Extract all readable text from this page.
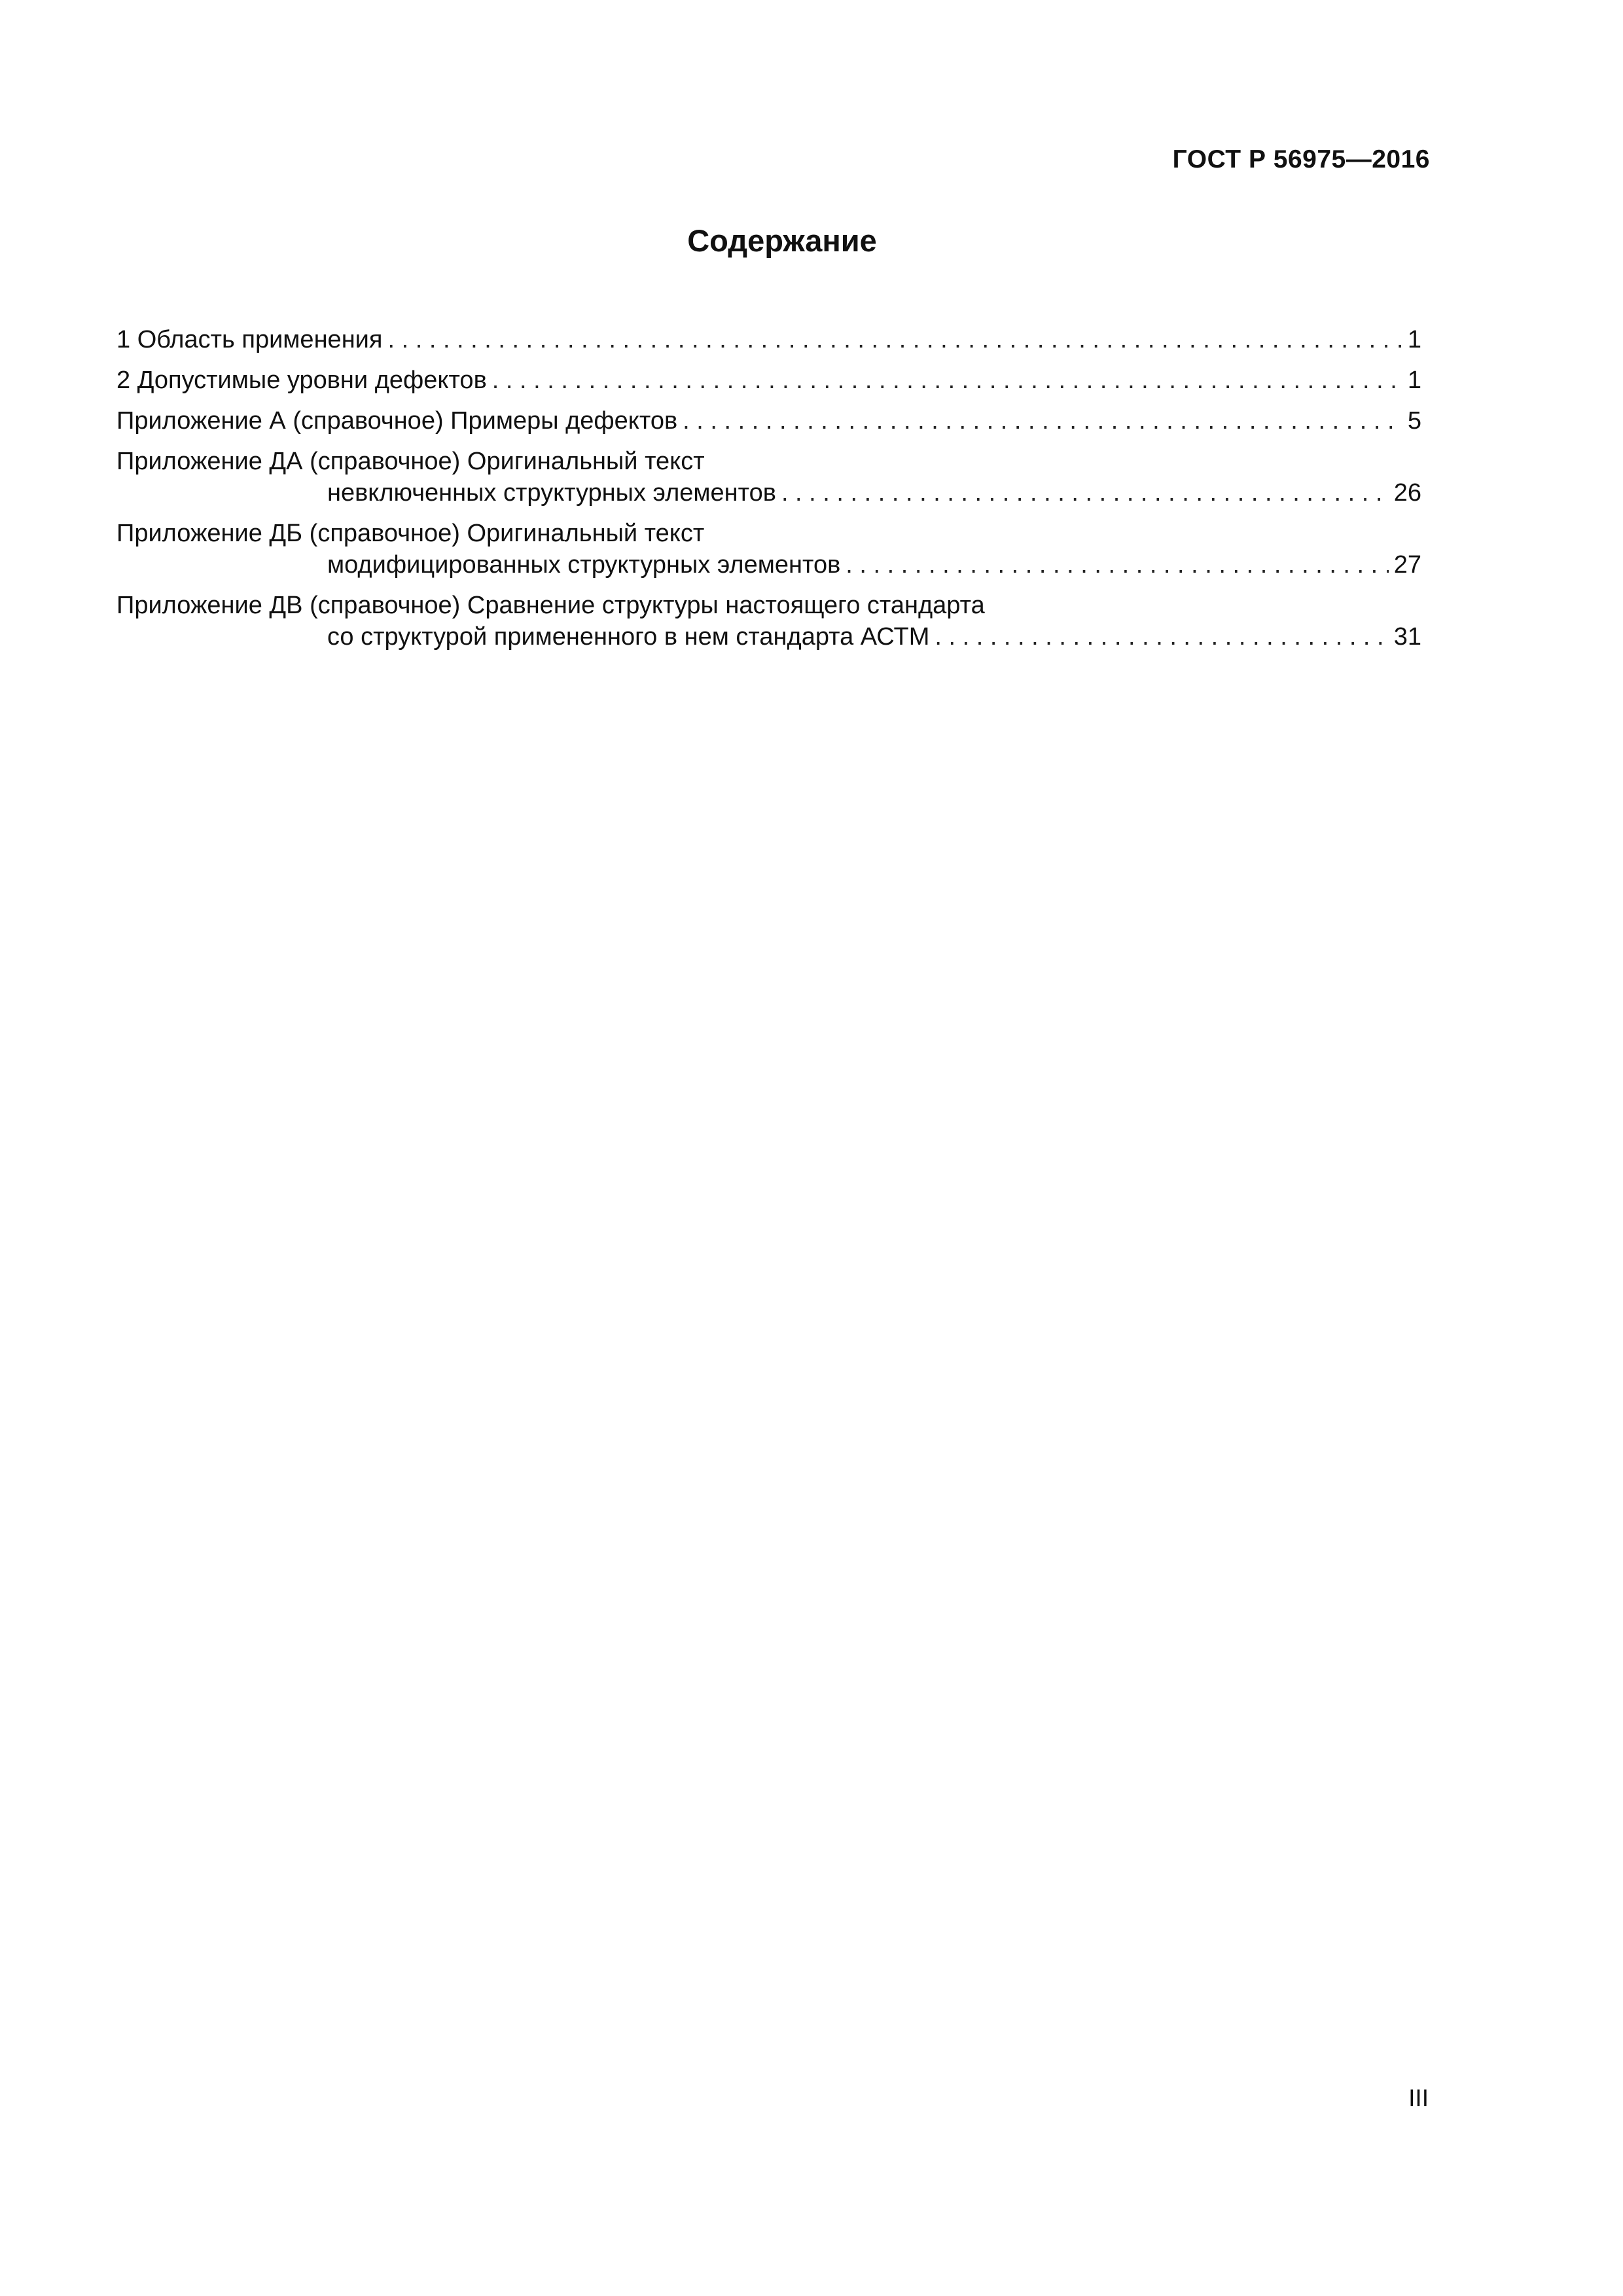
ГОСТ Р 56975—2016
Содержание
1 Область применения . . .	1
2 Допустимые уровни дефектов . . .	1
Приложение А (справочное) Примеры дефектов . . .	5
Приложение ДА (справочное) Оригинальный текст
невключенных структурных элементов . . .	26
Приложение ДБ (справочное) Оригинальный текст
модифицированных структурных элементов . . .	27
Приложение ДВ (справочное) Сравнение структуры настоящего стандарта
со структурой примененного в нем стандарта АСТМ . . .	31
III
